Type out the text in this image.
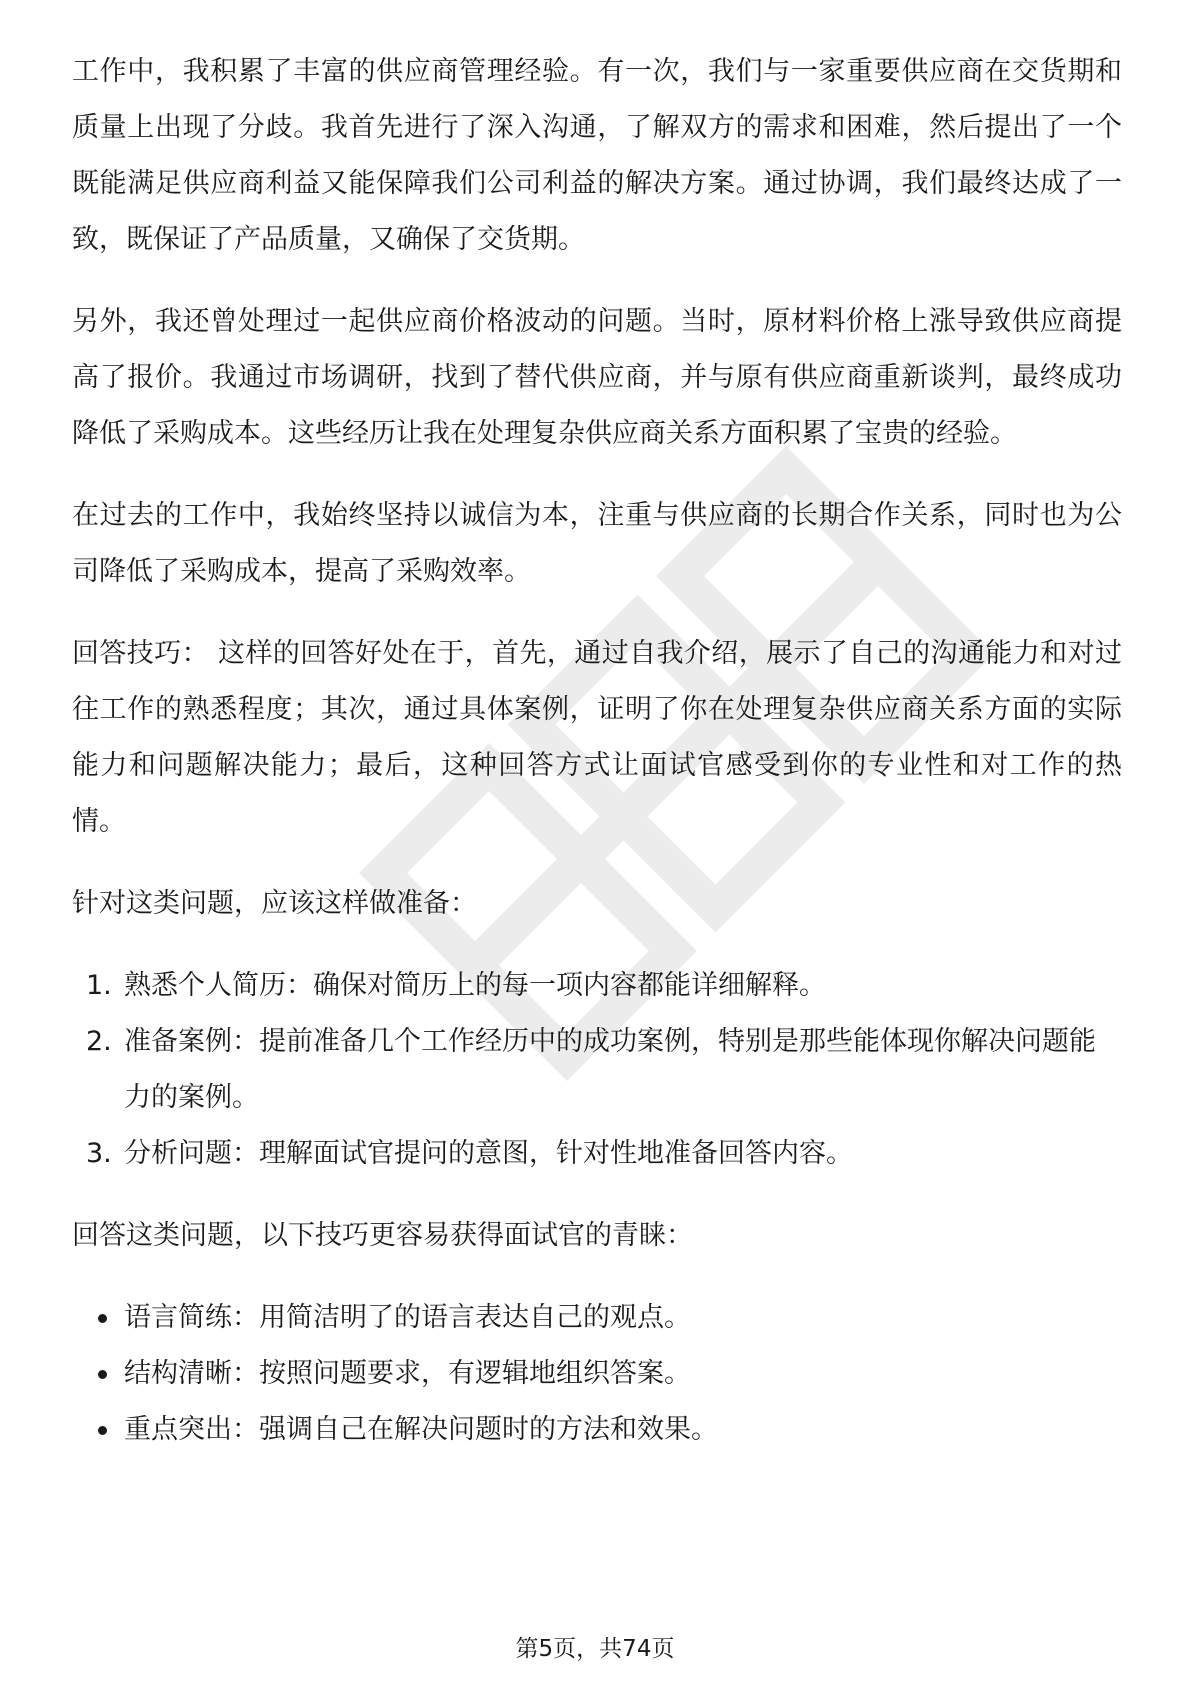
工作中，我积累了丰富的供应商管理经验。有一次，我们与一家重要供应商在交货期和质量上出现了分歧。我首先进行了深入沟通，了解双方的需求和困难，然后提出了一个既能满足供应商利益又能保障我们公司利益的解决方案。通过协调，我们最终达成了一致，既保证了产品质量，又确保了交货期。

另外，我还曾处理过一起供应商价格波动的问题。当时，原材料价格上涨导致供应商提高了报价。我通过市场调研，找到了替代供应商，并与原有供应商重新谈判，最终成功降低了采购成本。这些经历让我在处理复杂供应商关系方面积累了宝贵的经验。

在过去的工作中，我始终坚持以诚信为本，注重与供应商的长期合作关系，同时也为公司降低了采购成本，提高了采购效率。

回答技巧： 这样的回答好处在于，首先，通过自我介绍，展示了自己的沟通能力和对过往工作的熟悉程度；其次，通过具体案例，证明了你在处理复杂供应商关系方面的实际能力和问题解决能力；最后，这种回答方式让面试官感受到你的专业性和对工作的热情。

针对这类问题，应该这样做准备：

1. 熟悉个人简历：确保对简历上的每一项内容都能详细解释。
2. 准备案例：提前准备几个工作经历中的成功案例，特别是那些能体现你解决问题能力的案例。
3. 分析问题：理解面试官提问的意图，针对性地准备回答内容。

回答这类问题，以下技巧更容易获得面试官的青睐：

语言简练：用简洁明了的语言表达自己的观点。
结构清晰：按照问题要求，有逻辑地组织答案。
重点突出：强调自己在解决问题时的方法和效果。
第5页，共74页
